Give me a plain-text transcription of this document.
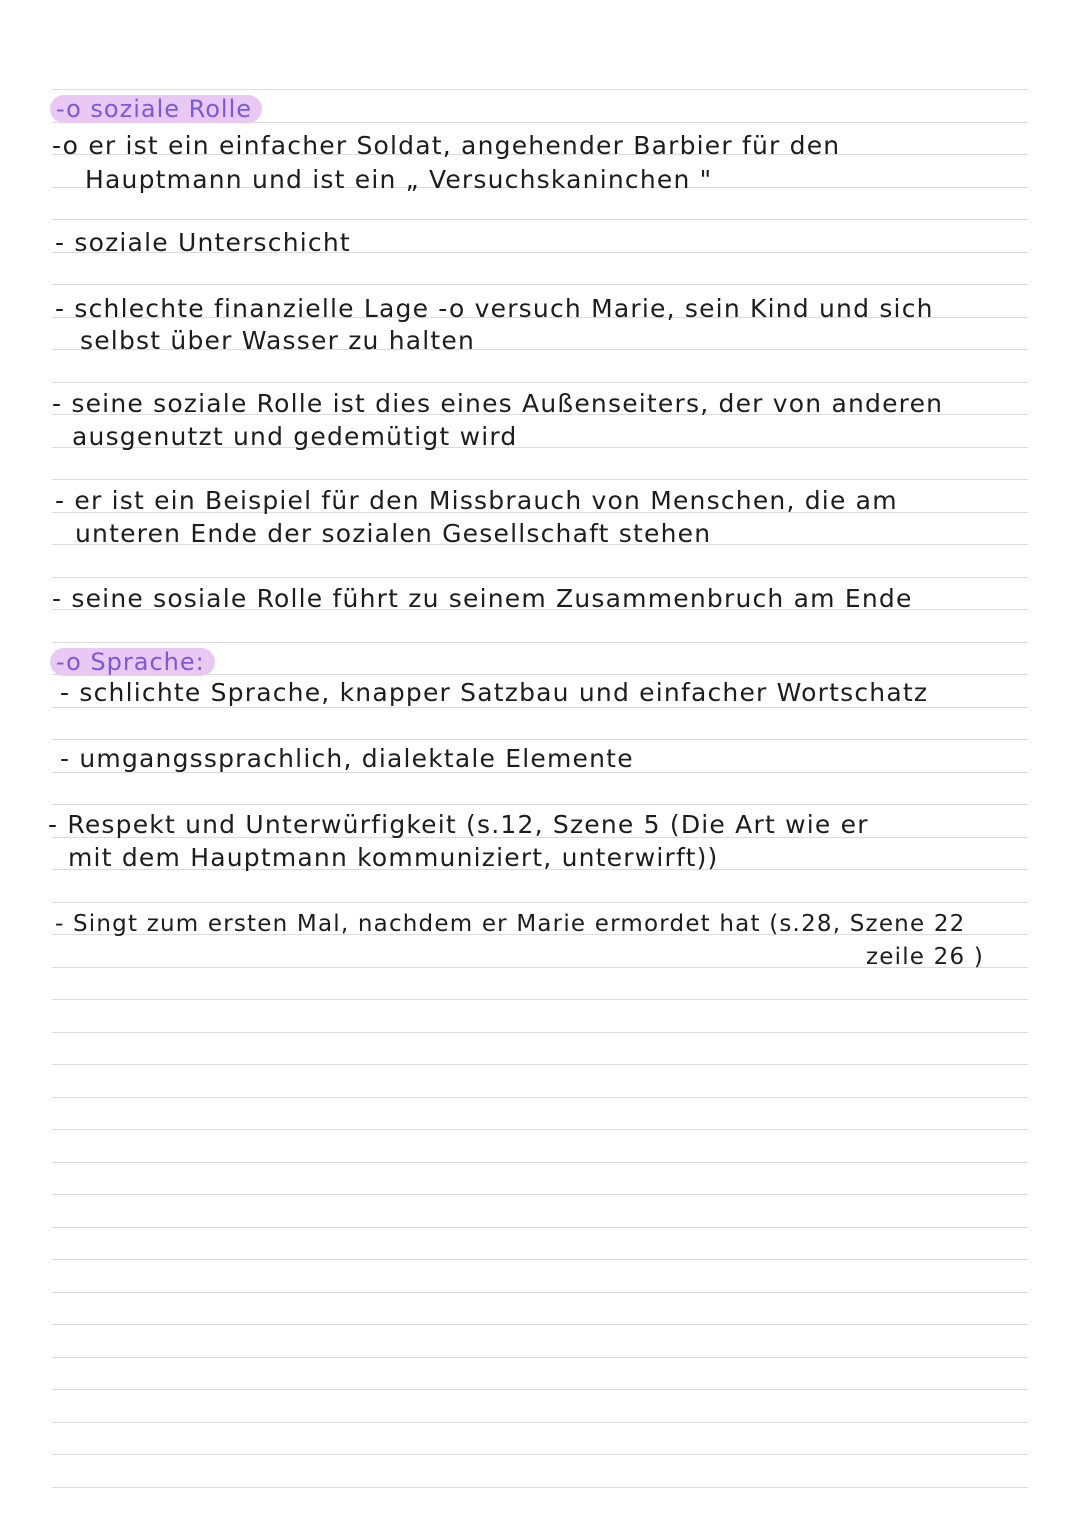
-o soziale Rolle
-o er ist ein einfacher Soldat, angehender Barbier für den
Hauptmann und ist ein „ Versuchskaninchen "
- soziale Unterschicht
- schlechte finanzielle Lage -o versuch Marie, sein Kind und sich
selbst über Wasser zu halten
- seine soziale Rolle ist dies eines Außenseiters, der von anderen
ausgenutzt und gedemütigt wird
- er ist ein Beispiel für den Missbrauch von Menschen, die am
unteren Ende der sozialen Gesellschaft stehen
- seine sosiale Rolle führt zu seinem Zusammenbruch am Ende
-o Sprache:
- schlichte Sprache, knapper Satzbau und einfacher Wortschatz
- umgangssprachlich, dialektale Elemente
- Respekt und Unterwürfigkeit (s.12, Szene 5 (Die Art wie er
mit dem Hauptmann kommuniziert, unterwirft))
- Singt zum ersten Mal, nachdem er Marie ermordet hat (s.28, Szene 22
zeile 26 )
